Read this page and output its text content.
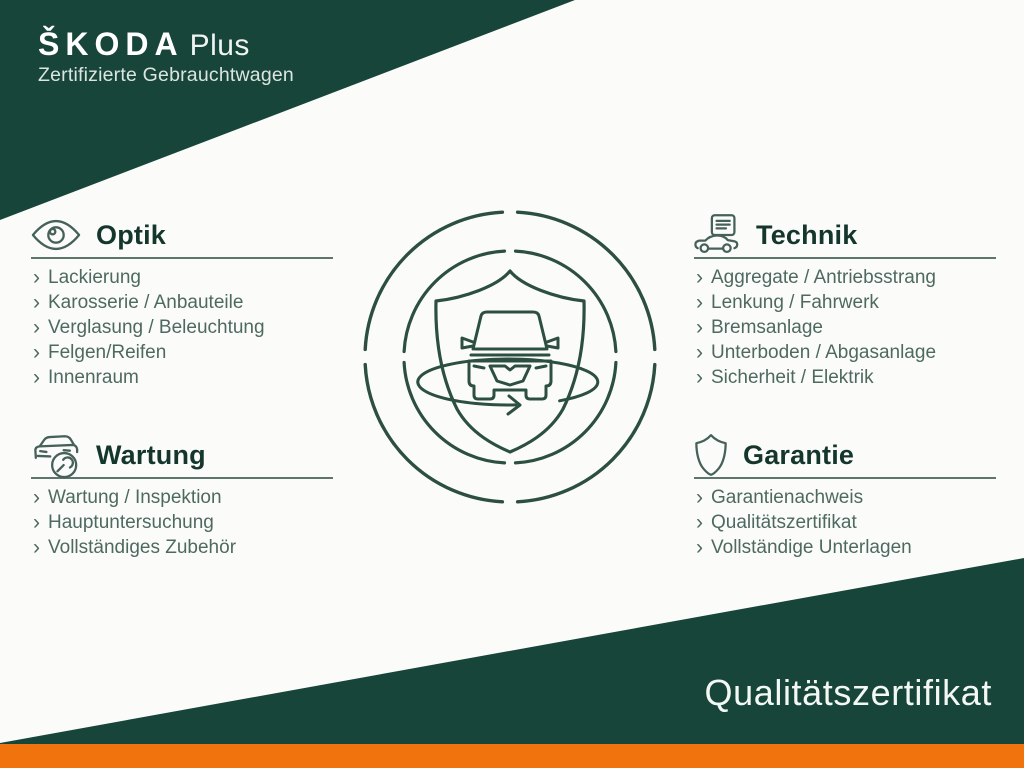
ŠKODA Plus
Zertifizierte Gebrauchtwagen
Optik
› Lackierung
› Karosserie / Anbauteile
› Verglasung / Beleuchtung
› Felgen/Reifen
› Innenraum
Technik
› Aggregate / Antriebsstrang
› Lenkung / Fahrwerk
› Bremsanlage
› Unterboden / Abgasanlage
› Sicherheit / Elektrik
Wartung
› Wartung / Inspektion
› Hauptuntersuchung
› Vollständiges Zubehör
Garantie
› Garantienachweis
› Qualitätszertifikat
› Vollständige Unterlagen
Qualitätszertifikat
